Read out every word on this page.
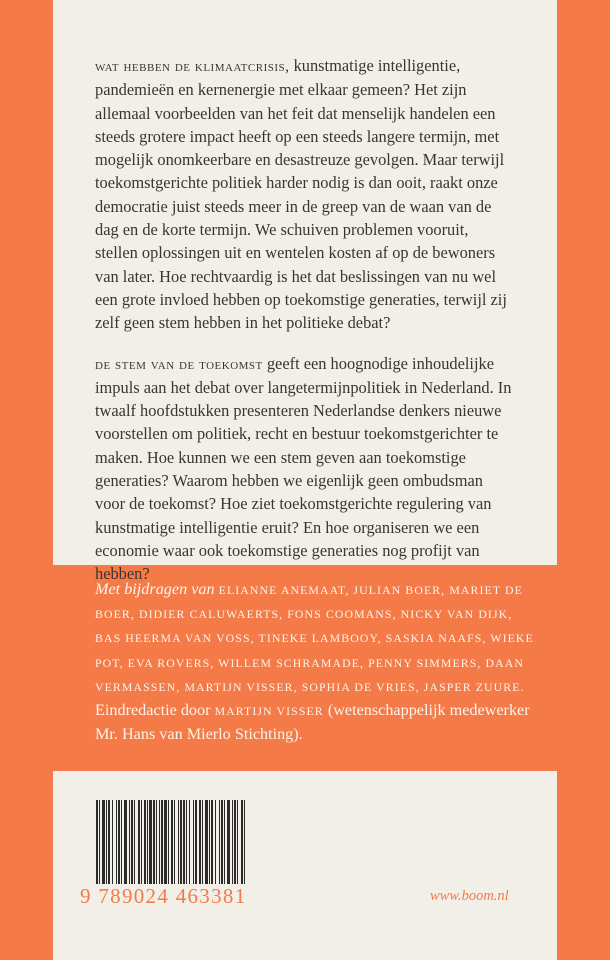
wat hebben de klimaatcrisis, kunstmatige intelligentie, pandemieën en kernenergie met elkaar gemeen? Het zijn allemaal voorbeelden van het feit dat menselijk handelen een steeds grotere impact heeft op een steeds langere termijn, met mogelijk onomkeerbare en desastreuze gevolgen. Maar terwijl toekomstgerichte politiek harder nodig is dan ooit, raakt onze democratie juist steeds meer in de greep van de waan van de dag en de korte termijn. We schuiven problemen vooruit, stellen oplossingen uit en wentelen kosten af op de bewoners van later. Hoe rechtvaardig is het dat beslissingen van nu wel een grote invloed hebben op toekomstige generaties, terwijl zij zelf geen stem hebben in het politieke debat?

de stem van de toekomst geeft een hoognodige inhoudelijke impuls aan het debat over langetermijnpolitiek in Nederland. In twaalf hoofdstukken presenteren Nederlandse denkers nieuwe voorstellen om politiek, recht en bestuur toekomstgerichter te maken. Hoe kunnen we een stem geven aan toekomstige generaties? Waarom hebben we eigenlijk geen ombudsman voor de toekomst? Hoe ziet toekomstgerichte regulering van kunstmatige intelligentie eruit? En hoe organiseren we een economie waar ook toekomstige generaties nog profijt van hebben?

Met bijdragen van ELIANNE ANEMAAT, JULIAN BOER, MARIET DE BOER, DIDIER CALUWAERTS, FONS COOMANS, NICKY VAN DIJK, BAS HEERMA VAN VOSS, TINEKE LAMBOOY, SASKIA NAAFS, WIEKE POT, EVA ROVERS, WILLEM SCHRAMADE, PENNY SIMMERS, DAAN VERMASSEN, MARTIJN VISSER, SOPHIA DE VRIES, JASPER ZUURE.
Eindredactie door MARTIJN VISSER (wetenschappelijk medewerker Mr. Hans van Mierlo Stichting).
9 789024 463381	www.boom.nl
